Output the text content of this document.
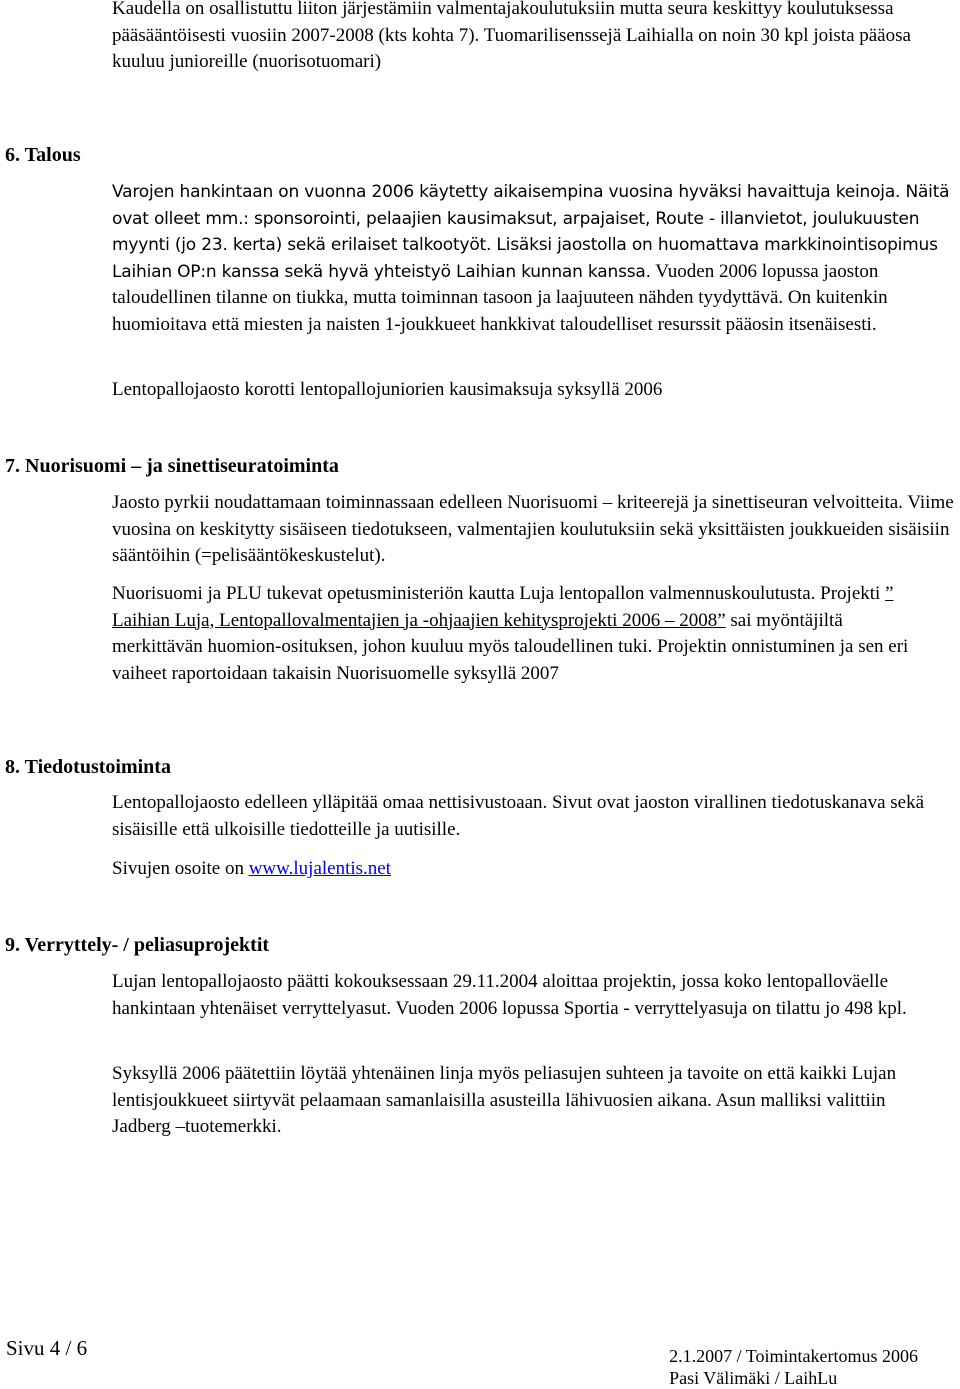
Kaudella on osallistuttu liiton järjestämiin valmentajakoulutuksiin mutta seura keskittyy koulutuksessa pääsääntöisesti vuosiin 2007-2008 (kts kohta 7). Tuomarilisenssejä Laihialla on noin 30 kpl joista pääosa kuuluu junioreille (nuorisotuomari)

6. Talous

Varojen hankintaan on vuonna 2006 käytetty aikaisempina vuosina hyväksi havaittuja keinoja. Näitä ovat olleet mm.: sponsorointi, pelaajien kausimaksut, arpajaiset, Route - illanvietot, joulukuusten myynti (jo 23. kerta) sekä erilaiset talkootyöt. Lisäksi jaostolla on huomattava markkinointisopimus Laihian OP:n kanssa sekä hyvä yhteistyö Laihian kunnan kanssa. Vuoden 2006 lopussa jaoston taloudellinen tilanne on tiukka, mutta toiminnan tasoon ja laajuuteen nähden tyydyttävä. On kuitenkin huomioitava että miesten ja naisten 1-joukkueet hankkivat taloudelliset resurssit pääosin itsenäisesti.

Lentopallojaosto korotti lentopallojuniorien kausimaksuja syksyllä 2006

7. Nuorisuomi – ja sinettiseuratoiminta

Jaosto pyrkii noudattamaan toiminnassaan edelleen Nuorisuomi – kriteerejä ja sinettiseuran velvoitteita. Viime vuosina on keskitytty sisäiseen tiedotukseen, valmentajien koulutuksiin sekä yksittäisten joukkueiden sisäisiin sääntöihin (=pelisääntökeskustelut).

Nuorisuomi ja PLU tukevat opetusministeriön kautta Luja lentopallon valmennuskoulutusta. Projekti ” Laihian Luja, Lentopallovalmentajien ja -ohjaajien kehitysprojekti 2006 – 2008” sai myöntäjiltä merkittävän huomion-osituksen, johon kuuluu myös taloudellinen tuki. Projektin onnistuminen ja sen eri vaiheet raportoidaan takaisin Nuorisuomelle syksyllä 2007

8. Tiedotustoiminta

Lentopallojaosto edelleen ylläpitää omaa nettisivustoaan. Sivut ovat jaoston virallinen tiedotuskanava sekä sisäisille että ulkoisille tiedotteille ja uutisille.

Sivujen osoite on www.lujalentis.net

9. Verryttely- / peliasuprojektit

Lujan lentopallojaosto päätti kokouksessaan 29.11.2004 aloittaa projektin, jossa koko lentopalloväelle hankintaan yhtenäiset verryttelyasut. Vuoden 2006 lopussa Sportia - verryttelyasuja on tilattu jo 498 kpl.

Syksyllä 2006 päätettiin löytää yhtenäinen linja myös peliasujen suhteen ja tavoite on että kaikki Lujan lentisjoukkueet siirtyvät pelaamaan samanlaisilla asusteilla lähivuosien aikana. Asun malliksi valittiin Jadberg –tuotemerkki.

Sivu 4 / 6	2.1.2007 / Toimintakertomus 2006
Pasi Välimäki / LaihLu
